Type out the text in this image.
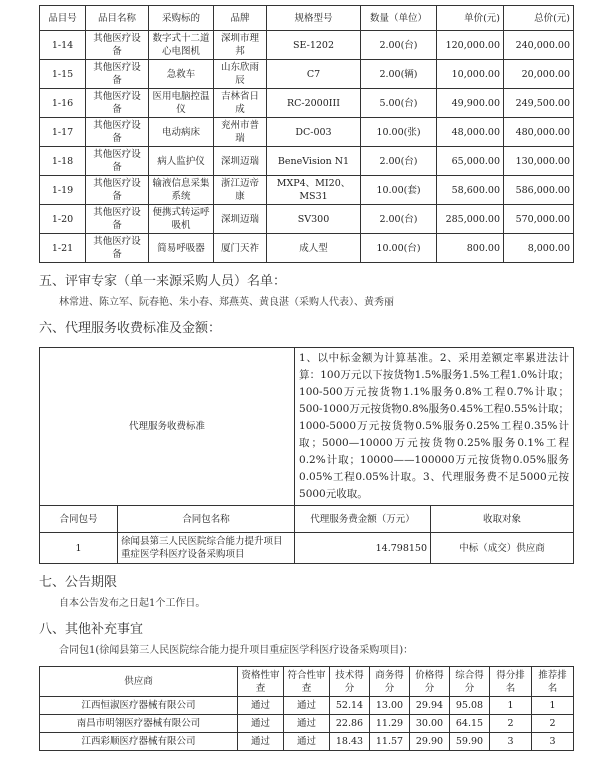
品目号	品目名称	采购标的	品牌	规格型号	数量（单位）	单价(元)	总价(元)
1-14	其他医疗设备	数字式十二道心电图机	深圳市理邦	SE-1202	2.00(台)	120,000.00	240,000.00
1-15	其他医疗设备	急救车	山东欣雨辰	C7	2.00(辆)	10,000.00	20,000.00
1-16	其他医疗设备	医用电脑控温仪	吉林省日成	RC-2000III	5.00(台)	49,900.00	249,500.00
1-17	其他医疗设备	电动病床	兖州市普瑞	DC-003	10.00(张)	48,000.00	480,000.00
1-18	其他医疗设备	病人监护仪	深圳迈瑞	BeneVision N1	2.00(台)	65,000.00	130,000.00
1-19	其他医疗设备	输液信息采集系统	浙江迈帝康	MXP4、MI20、MS31	10.00(套)	58,600.00	586,000.00
1-20	其他医疗设备	便携式转运呼吸机	深圳迈瑞	SV300	2.00(台)	285,000.00	570,000.00
1-21	其他医疗设备	简易呼吸器	厦门天祚	成人型	10.00(台)	800.00	8,000.00
五、评审专家（单一来源采购人员）名单：
林常进、陈立军、阮春艳、朱小春、郑燕英、黄良湛（采购人代表）、黄秀丽
六、代理服务收费标准及金额：
代理服务收费标准		1、以中标金额为计算基准。2、采用差额定率累进法计算：100万元以下按货物1.5%服务1.5%工程1.0%计取；100-500万元按货物1.1%服务0.8%工程0.7%计取；500-1000万元按货物0.8%服务0.45%工程0.55%计取；1000-5000万元按货物0.5%服务0.25%工程0.35%计取；5000—10000万元按货物0.25%服务0.1%工程0.2%计取；10000——100000万元按货物0.05%服务0.05%工程0.05%计取。3、代理服务费不足5000元按5000元收取。	
合同包号	合同包名称	代理服务费金额（万元）	收取对象
1	徐闻县第三人民医院综合能力提升项目重症医学科医疗设备采购项目	14.798150	中标（成交）供应商
七、公告期限
自本公告发布之日起1个工作日。
八、其他补充事宜
合同包1(徐闻县第三人民医院综合能力提升项目重症医学科医疗设备采购项目)：
供应商	资格性审查	符合性审查	技术得分	商务得分	价格得分	综合得分	得分排名	推荐排名
江西恒淑医疗器械有限公司	通过	通过	52.14	13.00	29.94	95.08	1	1
南昌市明翎医疗器械有限公司	通过	通过	22.86	11.29	30.00	64.15	2	2
江西彩顺医疗器械有限公司	通过	通过	18.43	11.57	29.90	59.90	3	3
